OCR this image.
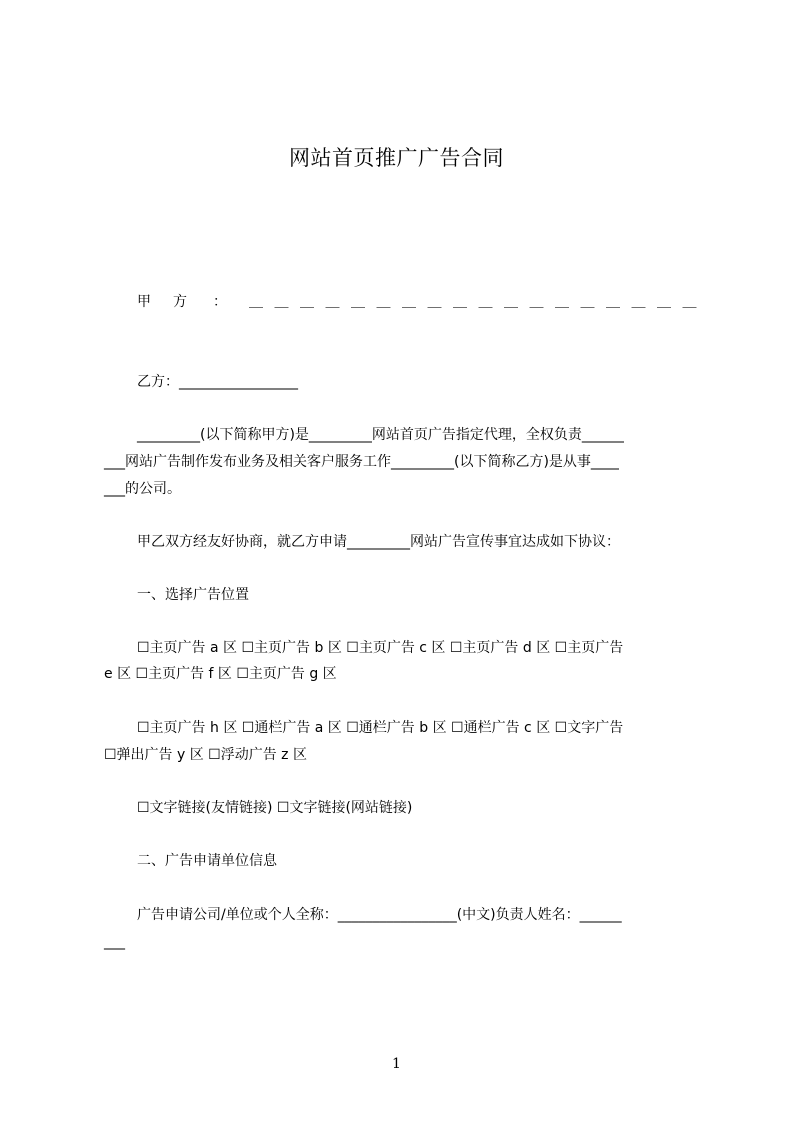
网站首页推广广告合同
甲方 ： ＿＿＿＿＿＿＿＿＿＿＿＿＿＿＿＿＿＿
乙方：_________________
_________(以下简称甲方)是_________网站首页广告指定代理，全权负责______
___网站广告制作发布业务及相关客户服务工作_________(以下简称乙方)是从事____
___的公司。
甲乙双方经友好协商，就乙方申请_________网站广告宣传事宜达成如下协议：
一、选择广告位置
☐主页广告 a 区 ☐主页广告 b 区 ☐主页广告 c 区 ☐主页广告 d 区 ☐主页广告
e 区 ☐主页广告 f 区 ☐主页广告 g 区
☐主页广告 h 区 ☐通栏广告 a 区 ☐通栏广告 b 区 ☐通栏广告 c 区 ☐文字广告
☐弹出广告 y 区 ☐浮动广告 z 区
☐文字链接(友情链接) ☐文字链接(网站链接)
二、广告申请单位信息
广告申请公司/单位或个人全称：_________________(中文)负责人姓名：______
___
1
